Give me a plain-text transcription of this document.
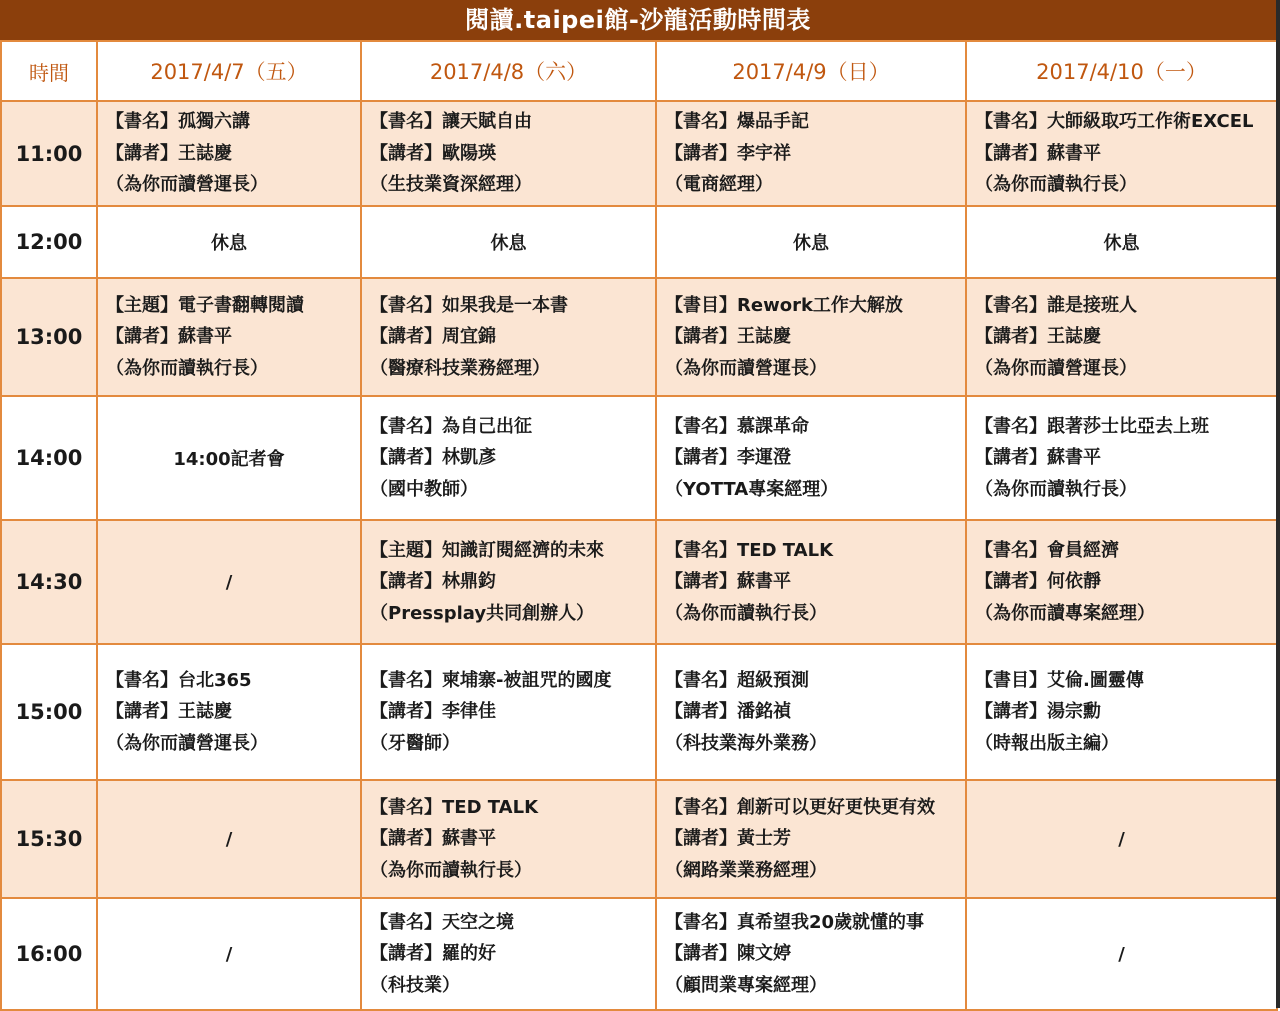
閱讀.taipei館-沙龍活動時間表
時間	2017/4/7（五）	2017/4/8（六）	2017/4/9（日）	2017/4/10（一）
11:00	【書名】孤獨六講
【講者】王誌慶
（為你而讀營運長）	【書名】讓天賦自由
【講者】歐陽瑛
（生技業資深經理）	【書名】爆品手記
【講者】李宇祥
（電商經理）	【書名】大師級取巧工作術EXCEL
【講者】蘇書平
（為你而讀執行長）

12:00	休息	休息	休息	休息
13:00	【主題】電子書翻轉閱讀
【講者】蘇書平
（為你而讀執行長）	【書名】如果我是一本書
【講者】周宜錦
（醫療科技業務經理）	【書目】Rework工作大解放
【講者】王誌慶
（為你而讀營運長）	【書名】誰是接班人
【講者】王誌慶
（為你而讀營運長）

14:00	14:00記者會	【書名】為自己出征
【講者】林凱彥
（國中教師）	【書名】慕課革命
【講者】李運澄
（YOTTA專案經理）	【書名】跟著莎士比亞去上班
【講者】蘇書平
（為你而讀執行長）

14:30	/	【主題】知識訂閱經濟的未來
【講者】林鼎鈞
（Pressplay共同創辦人）	【書名】TED TALK
【講者】蘇書平
（為你而讀執行長）	【書名】會員經濟
【講者】何依靜
（為你而讀專案經理）

15:00	【書名】台北365
【講者】王誌慶
（為你而讀營運長）	【書名】柬埔寨-被詛咒的國度
【講者】李律佳
（牙醫師）	【書名】超級預測
【講者】潘銘禎
（科技業海外業務）	【書目】艾倫.圖靈傳
【講者】湯宗勳
（時報出版主編）

15:30	/	【書名】TED TALK
【講者】蘇書平
（為你而讀執行長）	【書名】創新可以更好更快更有效
【講者】黃士芳
（網路業業務經理）	/
16:00	/	【書名】天空之境
【講者】羅的好
（科技業）	【書名】真希望我20歲就懂的事
【講者】陳文婷
（顧問業專案經理）	/
